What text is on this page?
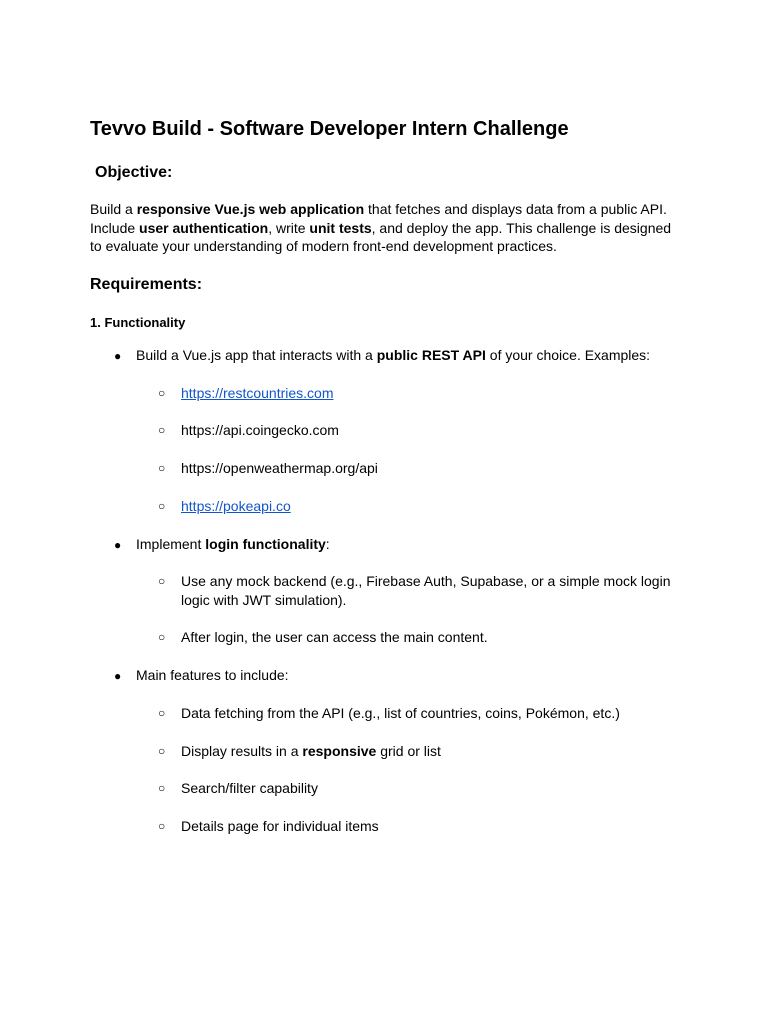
Tevvo Build - Software Developer Intern Challenge
Objective:

Build a responsive Vue.js web application that fetches and displays data from a public API. Include user authentication, write unit tests, and deploy the app. This challenge is designed to evaluate your understanding of modern front-end development practices.

Requirements:
1. Functionality
● Build a Vue.js app that interacts with a public REST API of your choice. Examples:

○ https://restcountries.com

○ https://api.coingecko.com

○ https://openweathermap.org/api

○ https://pokeapi.co

● Implement login functionality:

○ Use any mock backend (e.g., Firebase Auth, Supabase, or a simple mock login logic with JWT simulation).

○ After login, the user can access the main content.

● Main features to include:

○ Data fetching from the API (e.g., list of countries, coins, Pokémon, etc.)

○ Display results in a responsive grid or list

○ Search/filter capability

○ Details page for individual items
